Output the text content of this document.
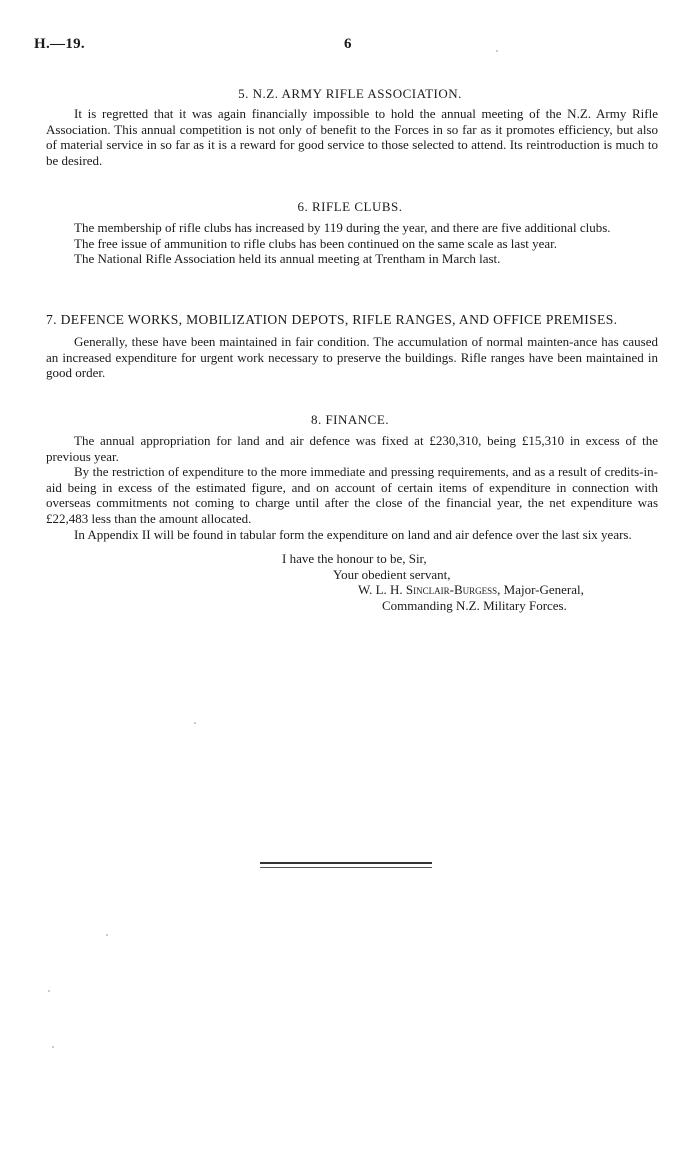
H.—19.	6
5. N.Z. ARMY RIFLE ASSOCIATION.

It is regretted that it was again financially impossible to hold the annual meeting of the N.Z. Army Rifle Association. This annual competition is not only of benefit to the Forces in so far as it promotes efficiency, but also of material service in so far as it is a reward for good service to those selected to attend. Its reintroduction is much to be desired.

6. RIFLE CLUBS.

The membership of rifle clubs has increased by 119 during the year, and there are five additional clubs.

The free issue of ammunition to rifle clubs has been continued on the same scale as last year.

The National Rifle Association held its annual meeting at Trentham in March last.

7. DEFENCE WORKS, MOBILIZATION DEPOTS, RIFLE RANGES, AND OFFICE PREMISES.

Generally, these have been maintained in fair condition. The accumulation of normal mainten-ance has caused an increased expenditure for urgent work necessary to preserve the buildings. Rifle ranges have been maintained in good order.

8. FINANCE.

The annual appropriation for land and air defence was fixed at £230,310, being £15,310 in excess of the previous year.

By the restriction of expenditure to the more immediate and pressing requirements, and as a result of credits-in-aid being in excess of the estimated figure, and on account of certain items of expenditure in connection with overseas commitments not coming to charge until after the close of the financial year, the net expenditure was £22,483 less than the amount allocated.

In Appendix II will be found in tabular form the expenditure on land and air defence over the last six years.

I have the honour to be, Sir,
Your obedient servant,
W. L. H. Sinclair-Burgess, Major-General,
Commanding N.Z. Military Forces.
